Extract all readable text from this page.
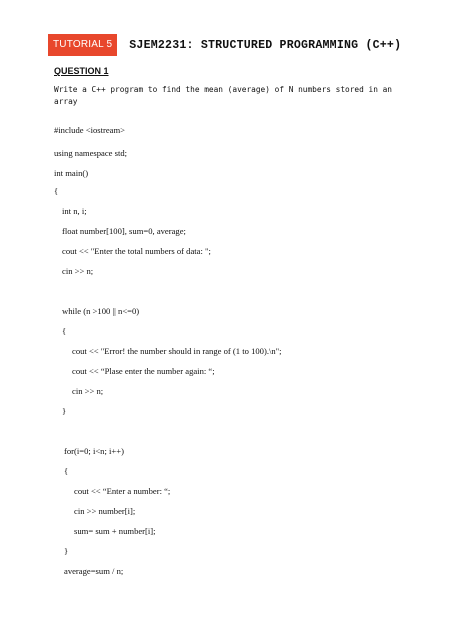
TUTORIAL 5	SJEM2231: STRUCTURED PROGRAMMING (C++)
QUESTION 1
Write a C++ program to find the mean (average) of N numbers stored in an array
#include <iostream>
using namespace std;
int main()
{
int n, i;
float number[100], sum=0, average;
cout << "Enter the total numbers of data: ";
cin >> n;
while (n >100 || n<=0)
{
cout << "Error! the number should in range of (1 to 100).\n";
cout << “Plase enter the number again: “;
cin >> n;
}
for(i=0; i<n; i++)
{
cout << “Enter a number: “;
cin >> number[i];
sum= sum + number[i];
}
average=sum / n;
